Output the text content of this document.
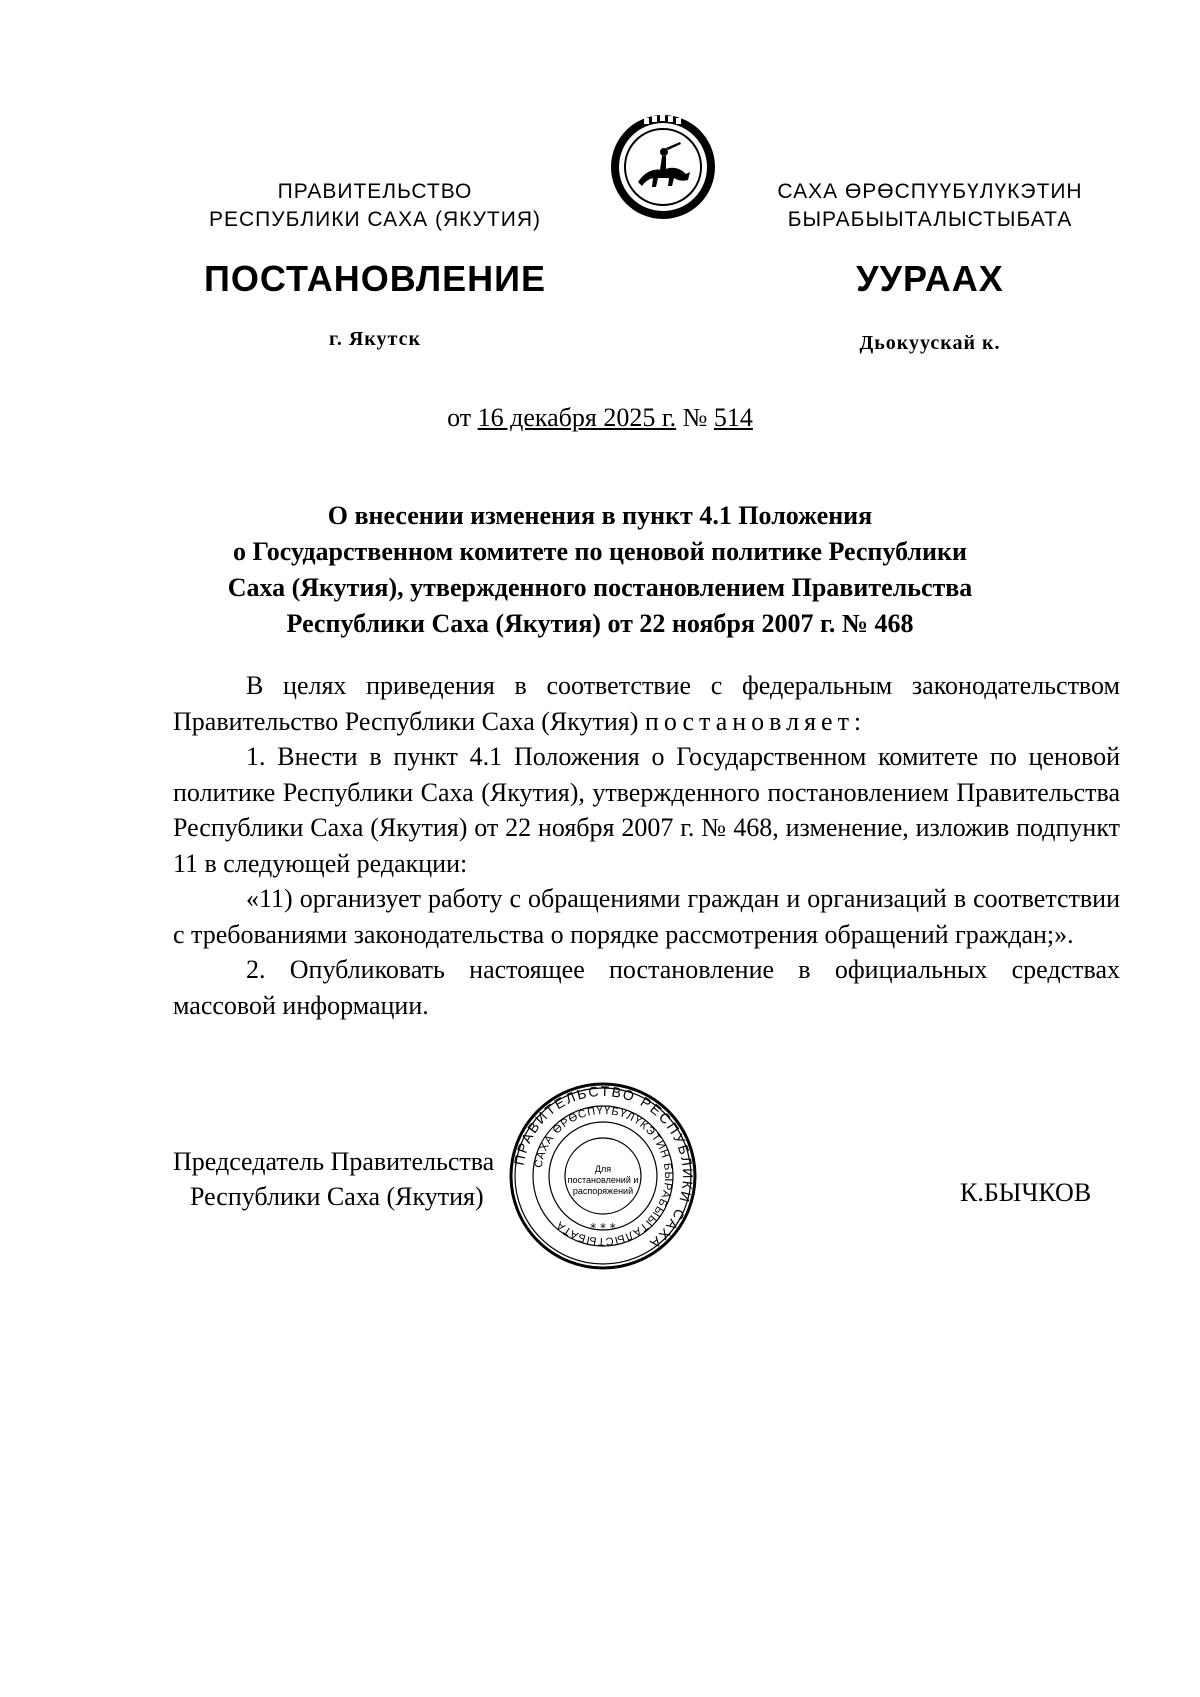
ПРАВИТЕЛЬСТВО
РЕСПУБЛИКИ САХА (ЯКУТИЯ)
САХА ӨРӨСПҮҮБҮЛҮКЭТИН
БЫРАБЫЫТАЛЫСТЫБАТА
ПОСТАНОВЛЕНИЕ	УУРААХ
г. Якутск	Дьокуускай к.
от 16 декабря 2025 г. № 514
О внесении изменения в пункт 4.1 Положения
о Государственном комитете по ценовой политике Республики
Саха (Якутия), утвержденного постановлением Правительства
Республики Саха (Якутия) от 22 ноября 2007 г. № 468

В целях приведения в соответствие с федеральным законодательством Правительство Республики Саха (Якутия) постановляет:

1. Внести в пункт 4.1 Положения о Государственном комитете по ценовой политике Республики Саха (Якутия), утвержденного постановлением Правительства Республики Саха (Якутия) от 22 ноября 2007 г. № 468, изменение, изложив подпункт 11 в следующей редакции:

«11) организует работу с обращениями граждан и организаций в соответствии с требованиями законодательства о порядке рассмотрения обращений граждан;».

2. Опубликовать настоящее постановление в официальных средствах массовой информации.

Председатель Правительства
Республики Саха (Якутия)	К.БЫЧКОВ
ПРАВИТЕЛЬСТВО РЕСПУБЛИКИ САХА
САХА ӨРӨСПҮҮБҮЛҮКЭТИН БЫРАБЫЫТАЛЫСТЫБАТА
Для
постановлений и
распоряжений
* * *
